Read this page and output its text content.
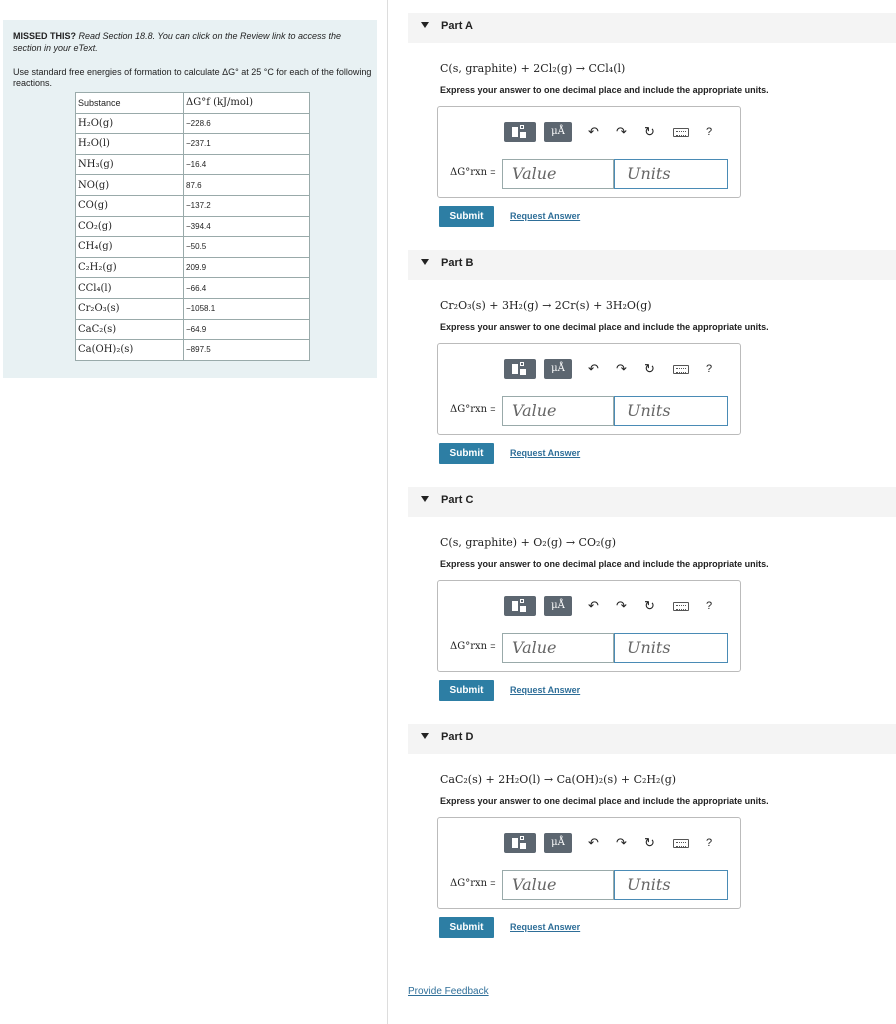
MISSED THIS? Read Section 18.8. You can click on the Review link to access the section in your eText.
Use standard free energies of formation to calculate ΔG° at 25 °C for each of the following reactions.
Substance	ΔG°f (kJ/mol)
H₂O(g)	−228.6
H₂O(l)	−237.1
NH₃(g)	−16.4
NO(g)	87.6
CO(g)	−137.2
CO₂(g)	−394.4
CH₄(g)	−50.5
C₂H₂(g)	209.9
CCl₄(l)	−66.4
Cr₂O₃(s)	−1058.1
CaC₂(s)	−64.9
Ca(OH)₂(s)	−897.5
Part A
C(s, graphite) + 2Cl₂(g) → CCl₄(l)
Express your answer to one decimal place and include the appropriate units.
μÅ	↶ ↷ ↻	?
ΔG°rxn =	Value	Units
Submit	Request Answer
Part B
Cr₂O₃(s) + 3H₂(g) → 2Cr(s) + 3H₂O(g)
Express your answer to one decimal place and include the appropriate units.
μÅ	↶ ↷ ↻	?
ΔG°rxn =	Value	Units
Submit	Request Answer
Part C
C(s, graphite) + O₂(g) → CO₂(g)
Express your answer to one decimal place and include the appropriate units.
μÅ	↶ ↷ ↻	?
ΔG°rxn =	Value	Units
Submit	Request Answer
Part D
CaC₂(s) + 2H₂O(l) → Ca(OH)₂(s) + C₂H₂(g)
Express your answer to one decimal place and include the appropriate units.
μÅ	↶ ↷ ↻	?
ΔG°rxn =	Value	Units
Submit	Request Answer
Provide Feedback
